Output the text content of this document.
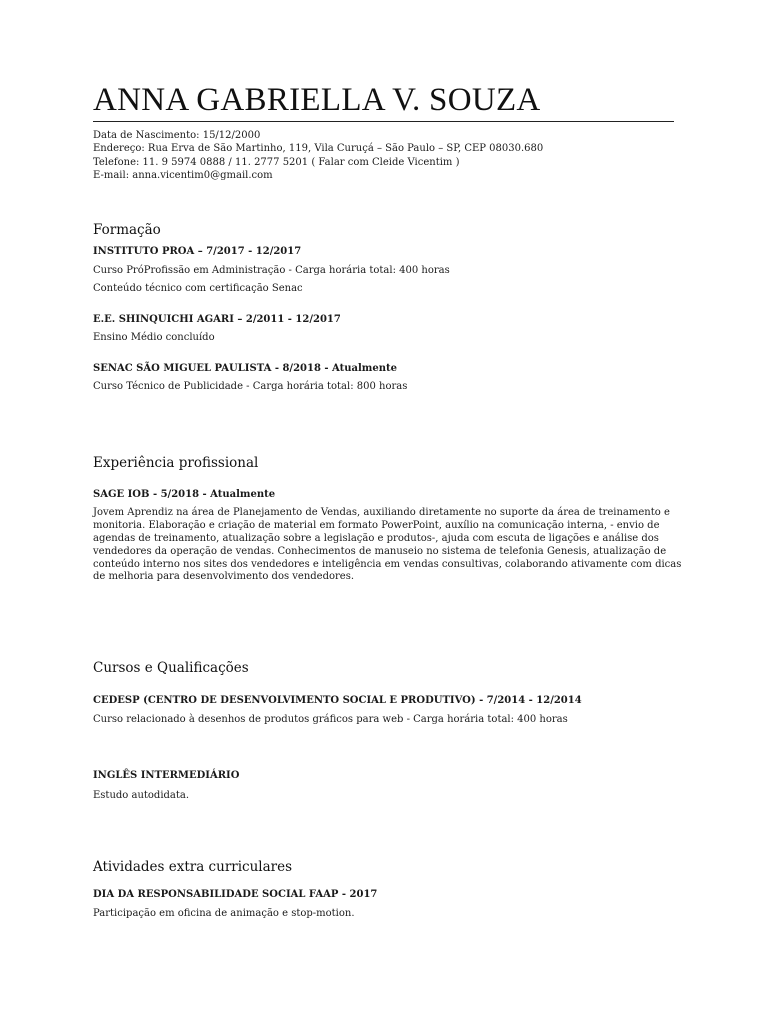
ANNA GABRIELLA V. SOUZA
Data de Nascimento: 15/12/2000
Endereço: Rua Erva de São Martinho, 119, Vila Curuçá – São Paulo – SP, CEP 08030.680
Telefone: 11. 9 5974 0888 / 11. 2777 5201 ( Falar com Cleide Vicentim )
E-mail: anna.vicentim0@gmail.com
Formação
INSTITUTO PROA – 7/2017 - 12/2017
Curso PróProfissão em Administração - Carga horária total: 400 horas
Conteúdo técnico com certificação Senac
E.E. SHINQUICHI AGARI – 2/2011 - 12/2017
Ensino Médio concluído
SENAC SÃO MIGUEL PAULISTA - 8/2018 - Atualmente
Curso Técnico de Publicidade - Carga horária total: 800 horas
Experiência profissional
SAGE IOB - 5/2018 - Atualmente
Jovem Aprendiz na área de Planejamento de Vendas, auxiliando diretamente no suporte da área de treinamento e
monitoria. Elaboração e criação de material em formato PowerPoint, auxílio na comunicação interna, - envio de
agendas de treinamento, atualização sobre a legislação e produtos-, ajuda com escuta de ligações e análise dos
vendedores da operação de vendas. Conhecimentos de manuseio no sistema de telefonia Genesis, atualização de
conteúdo interno nos sites dos vendedores e inteligência em vendas consultivas, colaborando ativamente com dicas
de melhoria para desenvolvimento dos vendedores.
Cursos e Qualificações
CEDESP (CENTRO DE DESENVOLVIMENTO SOCIAL E PRODUTIVO) - 7/2014 - 12/2014
Curso relacionado à desenhos de produtos gráficos para web - Carga horária total: 400 horas
INGLÊS INTERMEDIÁRIO
Estudo autodidata.
Atividades extra curriculares
DIA DA RESPONSABILIDADE SOCIAL FAAP - 2017
Participação em oficina de animação e stop-motion.
